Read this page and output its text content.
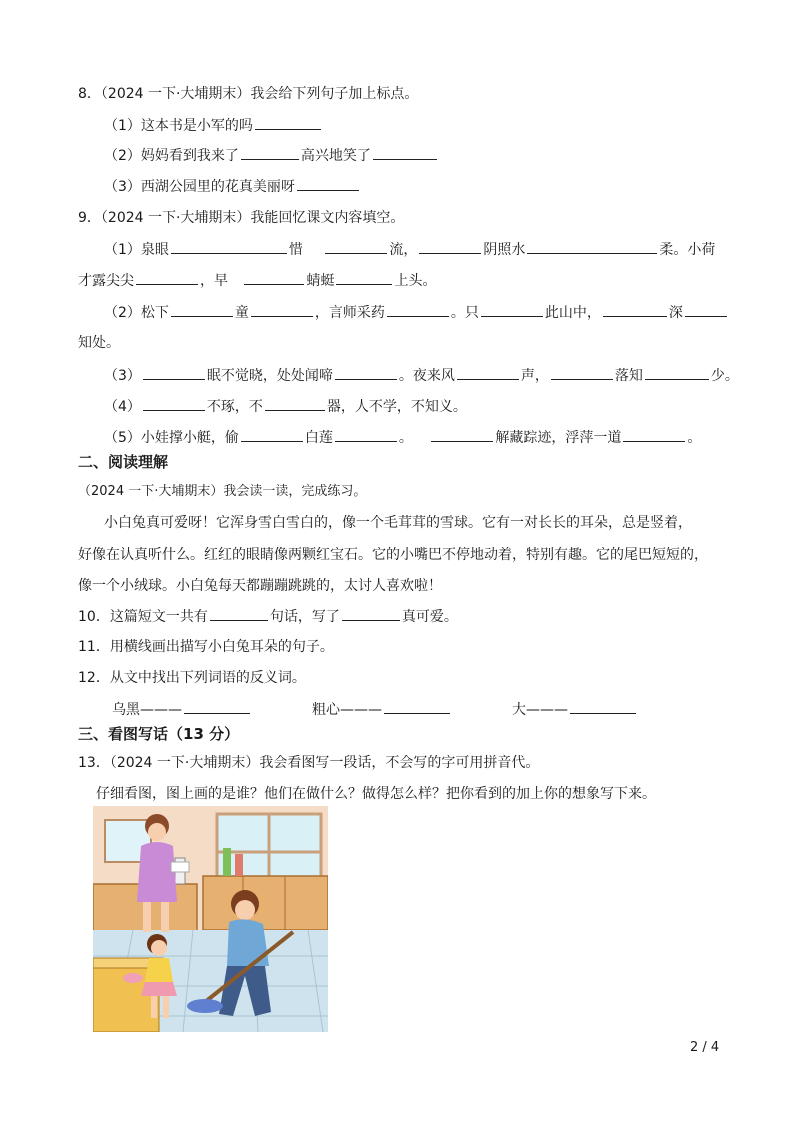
8．（2024 一下·大埔期末）我会给下列句子加上标点。
（1）这本书是小军的吗
（2）妈妈看到我来了	高兴地笑了
（3）西湖公园里的花真美丽呀
9．（2024 一下·大埔期末）我能回忆课文内容填空。
（1）泉眼	惜	流，	阴照水	柔。小荷
才露尖尖	，早	蜻蜓	上头。
（2）松下	童	，言师采药	。只	此山中，	深
知处。
（3）	眠不觉晓，处处闻啼	。夜来风	声，	落知	少。
（4）	不琢，不	器，人不学，不知义。
（5）小娃撑小艇，偷	白莲	。	解藏踪迹，浮萍一道	。
二、阅读理解
（2024 一下·大埔期末）我会读一读，完成练习。
小白兔真可爱呀！它浑身雪白雪白的，像一个毛茸茸的雪球。它有一对长长的耳朵，总是竖着，
好像在认真听什么。红红的眼睛像两颗红宝石。它的小嘴巴不停地动着，特别有趣。它的尾巴短短的，
像一个小绒球。小白兔每天都蹦蹦跳跳的，太讨人喜欢啦！
10．这篇短文一共有	句话，写了	真可爱。
11．用横线画出描写小白兔耳朵的句子。
12．从文中找出下列词语的反义词。
乌黑———	粗心———	大———
三、看图写话（13 分）
13．（2024 一下·大埔期末）我会看图写一段话，不会写的字可用拼音代。
仔细看图，图上画的是谁？他们在做什么？做得怎么样？把你看到的加上你的想象写下来。
2 / 4
